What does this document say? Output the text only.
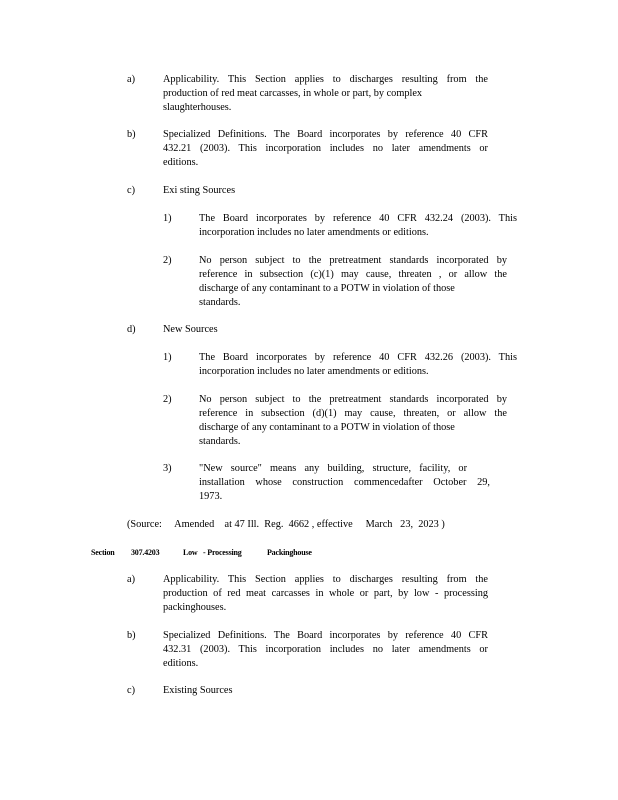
a)	Applicability. This Section applies to discharges resulting from the
production of red meat carcasses, in whole or part, by complex
slaughterhouses.
b)	Specialized Definitions. The Board incorporates by reference 40 CFR
432.21 (2003). This incorporation includes no later amendments or
editions.
c)	Exi sting Sources
1)	The Board incorporates by reference 40 CFR 432.24 (2003). This
incorporation includes no later amendments or editions.
2)	No person subject to the pretreatment standards incorporated by
reference in subsection (c)(1) may cause, threaten , or allow the
discharge of any contaminant to a POTW in violation of those
standards.
d)	New Sources
1)	The Board incorporates by reference 40 CFR 432.26 (2003). This
incorporation includes no later amendments or editions.
2)	No person subject to the pretreatment standards incorporated by
reference in subsection (d)(1) may cause, threaten, or allow the
discharge of any contaminant to a POTW in violation of those
standards.
3)	"New source" means any building, structure, facility, or
installation whose construction commencedafter October 29,
1973.
(Source:     Amended    at 47 Ill.  Reg.  4662 , effective     March   23,  2023 )
Section 307.4203	Low - Processing	Packinghouse
a)	Applicability. This Section applies to discharges resulting from the
production of red meat carcasses in whole or part, by low - processing
packinghouses.
b)	Specialized Definitions. The Board incorporates by reference 40 CFR
432.31 (2003). This incorporation includes no later amendments or
editions.
c)	Existing Sources
